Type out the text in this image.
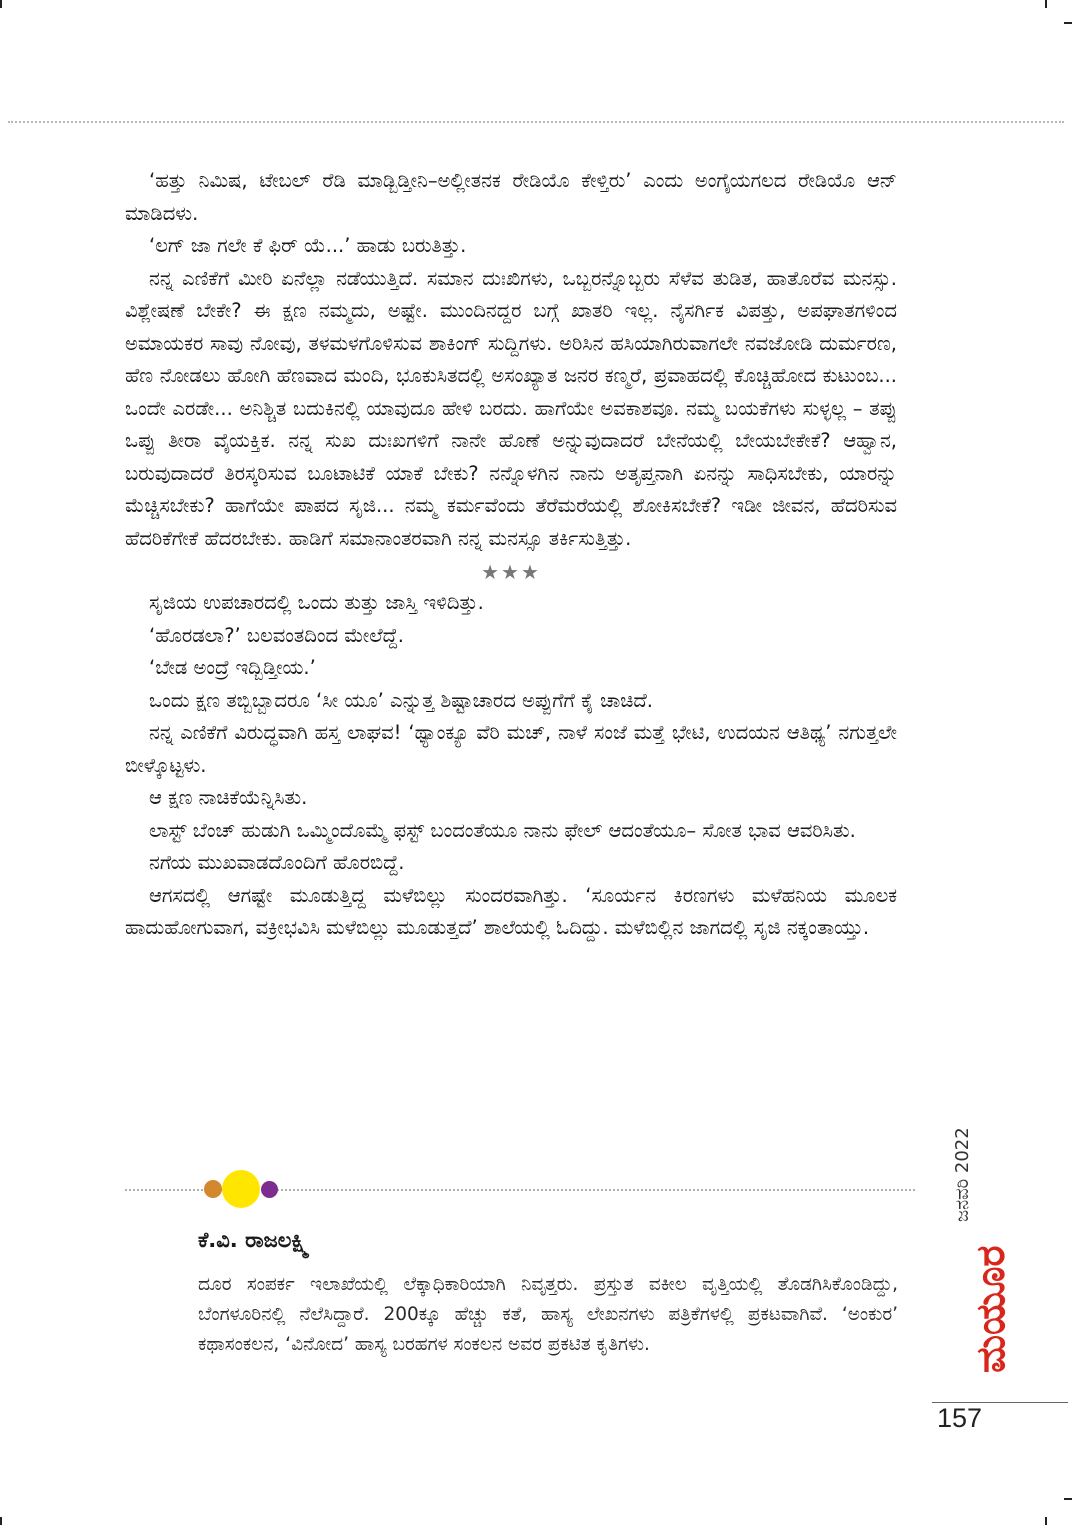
‘ಹತ್ತು ನಿಮಿಷ, ಟೇಬಲ್ ರೆಡಿ ಮಾಡ್ಬಿಡ್ತೀನಿ–ಅಲ್ಲೀತನಕ ರೇಡಿಯೊ ಕೇಳ್ತಿರು’ ಎಂದು ಅಂಗೈಯಗಲದ ರೇಡಿಯೊ ಆನ್ ಮಾಡಿದಳು.

‘ಲಗ್ ಜಾ ಗಲೇ ಕೆ ಫಿರ್ ಯೆ...’ ಹಾಡು ಬರುತಿತ್ತು.

ನನ್ನ ಎಣಿಕೆಗೆ ಮೀರಿ ಏನೆಲ್ಲಾ ನಡೆಯುತ್ತಿದೆ. ಸಮಾನ ದುಃಖಿಗಳು, ಒಬ್ಬರನ್ನೊಬ್ಬರು ಸೆಳೆವ ತುಡಿತ, ಹಾತೊರೆವ ಮನಸ್ಸು. ವಿಶ್ಲೇಷಣೆ ಬೇಕೇ? ಈ ಕ್ಷಣ ನಮ್ಮದು, ಅಷ್ಟೇ. ಮುಂದಿನದ್ದರ ಬಗ್ಗೆ ಖಾತರಿ ಇಲ್ಲ. ನೈಸರ್ಗಿಕ ವಿಪತ್ತು, ಅಪಘಾತಗಳಿಂದ ಅಮಾಯಕರ ಸಾವು ನೋವು, ತಳಮಳಗೊಳಿಸುವ ಶಾಕಿಂಗ್ ಸುದ್ದಿಗಳು. ಅರಿಸಿನ ಹಸಿಯಾಗಿರುವಾಗಲೇ ನವಜೋಡಿ ದುರ್ಮರಣ, ಹೆಣ ನೋಡಲು ಹೋಗಿ ಹೆಣವಾದ ಮಂದಿ, ಭೂಕುಸಿತದಲ್ಲಿ ಅಸಂಖ್ಯಾತ ಜನರ ಕಣ್ಮರೆ, ಪ್ರವಾಹದಲ್ಲಿ ಕೊಚ್ಚಿಹೋದ ಕುಟುಂಬ... ಒಂದೇ ಎರಡೇ... ಅನಿಶ್ಚಿತ ಬದುಕಿನಲ್ಲಿ ಯಾವುದೂ ಹೇಳಿ ಬರದು. ಹಾಗೆಯೇ ಅವಕಾಶವೂ. ನಮ್ಮ ಬಯಕೆಗಳು ಸುಳ್ಳಲ್ಲ – ತಪ್ಪು ಒಪ್ಪು ತೀರಾ ವೈಯಕ್ತಿಕ. ನನ್ನ ಸುಖ ದುಃಖಗಳಿಗೆ ನಾನೇ ಹೊಣೆ ಅನ್ನುವುದಾದರೆ ಬೇನೆಯಲ್ಲಿ ಬೇಯಬೇಕೇಕೆ? ಆಹ್ವಾನ, ಬರುವುದಾದರೆ ತಿರಸ್ಕರಿಸುವ ಬೂಟಾಟಿಕೆ ಯಾಕೆ ಬೇಕು? ನನ್ನೊಳಗಿನ ನಾನು ಅತೃಪ್ತನಾಗಿ ಏನನ್ನು ಸಾಧಿಸಬೇಕು, ಯಾರನ್ನು ಮೆಚ್ಚಿಸಬೇಕು? ಹಾಗೆಯೇ ಪಾಪದ ಸೃಜಿ... ನಮ್ಮ ಕರ್ಮವೆಂದು ತೆರೆಮರೆಯಲ್ಲಿ ಶೋಕಿಸಬೇಕೆ? ಇಡೀ ಜೀವನ, ಹೆದರಿಸುವ ಹೆದರಿಕೆಗೇಕೆ ಹೆದರಬೇಕು. ಹಾಡಿಗೆ ಸಮಾನಾಂತರವಾಗಿ ನನ್ನ ಮನಸ್ಸೂ ತರ್ಕಿಸುತ್ತಿತ್ತು.

★★★

ಸೃಜಿಯ ಉಪಚಾರದಲ್ಲಿ ಒಂದು ತುತ್ತು ಜಾಸ್ತಿ ಇಳಿದಿತ್ತು.

‘ಹೊರಡಲಾ?’ ಬಲವಂತದಿಂದ ಮೇಲೆದ್ದೆ.

‘ಬೇಡ ಅಂದ್ರೆ ಇದ್ಬಿಡ್ತೀಯ.’

ಒಂದು ಕ್ಷಣ ತಬ್ಬಿಬ್ಬಾದರೂ ‘ಸೀ ಯೂ’ ಎನ್ನುತ್ತ ಶಿಷ್ಟಾಚಾರದ ಅಪ್ಪುಗೆಗೆ ಕೈ ಚಾಚಿದೆ.

ನನ್ನ ಎಣಿಕೆಗೆ ವಿರುದ್ಧವಾಗಿ ಹಸ್ತ ಲಾಘವ! ‘ಥ್ಯಾಂಕ್ಯೂ ವೆರಿ ಮಚ್, ನಾಳೆ ಸಂಜೆ ಮತ್ತೆ ಭೇಟಿ, ಉದಯನ ಆತಿಥ್ಯ’ ನಗುತ್ತಲೇ ಬೀಳ್ಕೊಟ್ಟಳು.

ಆ ಕ್ಷಣ ನಾಚಿಕೆಯೆನ್ನಿಸಿತು.

ಲಾಸ್ಟ್ ಬೆಂಚ್ ಹುಡುಗಿ ಒಮ್ಮಿಂದೊಮ್ಮೆ ಫಸ್ಟ್ ಬಂದಂತೆಯೂ ನಾನು ಫೇಲ್ ಆದಂತೆಯೂ– ಸೋತ ಭಾವ ಆವರಿಸಿತು.

ನಗೆಯ ಮುಖವಾಡದೊಂದಿಗೆ ಹೊರಬಿದ್ದೆ.

ಆಗಸದಲ್ಲಿ ಆಗಷ್ಟೇ ಮೂಡುತ್ತಿದ್ದ ಮಳೆಬಿಲ್ಲು ಸುಂದರವಾಗಿತ್ತು. ‘ಸೂರ್ಯನ ಕಿರಣಗಳು ಮಳೆಹನಿಯ ಮೂಲಕ ಹಾದುಹೋಗುವಾಗ, ವಕ್ರೀಭವಿಸಿ ಮಳೆಬಿಲ್ಲು ಮೂಡುತ್ತದೆ’ ಶಾಲೆಯಲ್ಲಿ ಓದಿದ್ದು. ಮಳೆಬಿಲ್ಲಿನ ಜಾಗದಲ್ಲಿ ಸೃಜಿ ನಕ್ಕಂತಾಯ್ತು.

ಕೆ.ವಿ. ರಾಜಲಕ್ಷ್ಮಿ

ದೂರ ಸಂಪರ್ಕ ಇಲಾಖೆಯಲ್ಲಿ ಲೆಕ್ಕಾಧಿಕಾರಿಯಾಗಿ ನಿವೃತ್ತರು. ಪ್ರಸ್ತುತ ವಕೀಲ ವೃತ್ತಿಯಲ್ಲಿ ತೊಡಗಿಸಿಕೊಂಡಿದ್ದು, ಬೆಂಗಳೂರಿನಲ್ಲಿ ನೆಲೆಸಿದ್ದಾರೆ. 200ಕ್ಕೂ ಹೆಚ್ಚು ಕತೆ, ಹಾಸ್ಯ ಲೇಖನಗಳು ಪತ್ರಿಕೆಗಳಲ್ಲಿ ಪ್ರಕಟವಾಗಿವೆ. ‘ಅಂಕುರ’ ಕಥಾಸಂಕಲನ, ‘ವಿನೋದ’ ಹಾಸ್ಯ ಬರಹಗಳ ಸಂಕಲನ ಅವರ ಪ್ರಕಟಿತ ಕೃತಿಗಳು.

ಜನವರಿ 2022
ಮಯೂರ
157
